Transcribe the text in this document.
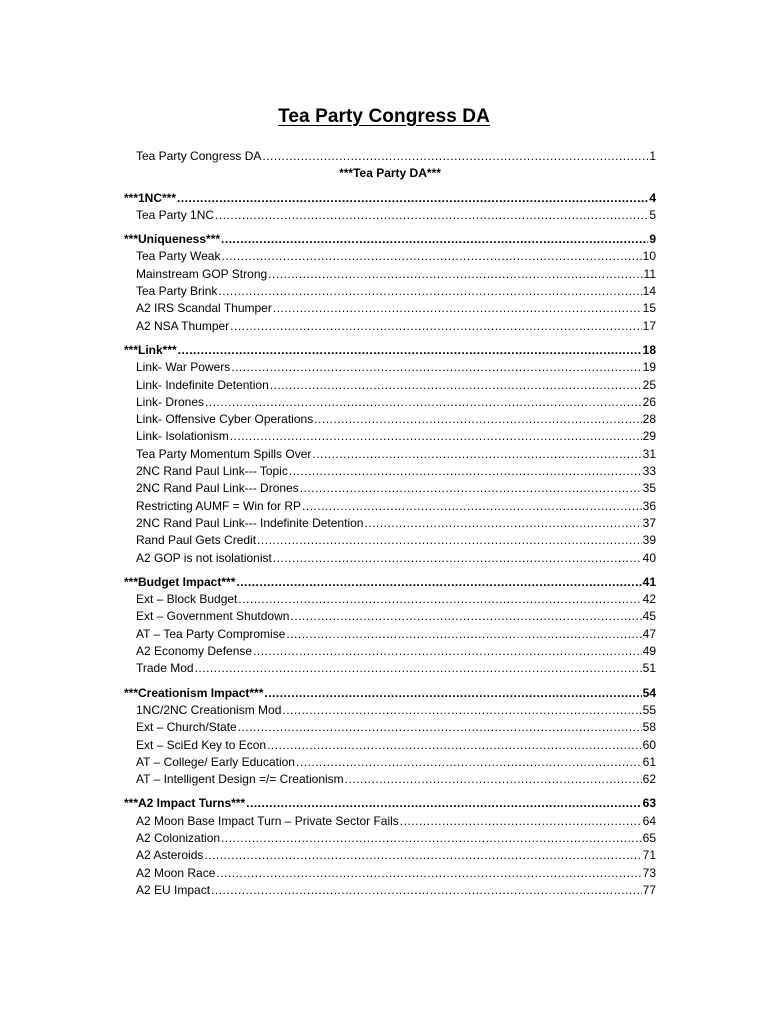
Tea Party Congress DA
Tea Party Congress DA .....	1
***Tea Party DA***
***1NC*** .....	4
Tea Party 1NC .....	5
***Uniqueness*** .....	9
Tea Party Weak .....	10
Mainstream GOP Strong .....	11
Tea Party Brink .....	14
A2 IRS Scandal Thumper .....	15
A2 NSA Thumper .....	17
***Link*** .....	18
Link- War Powers .....	19
Link- Indefinite Detention .....	25
Link- Drones .....	26
Link- Offensive Cyber Operations .....	28
Link- Isolationism .....	29
Tea Party Momentum Spills Over .....	31
2NC Rand Paul Link--- Topic .....	33
2NC Rand Paul Link--- Drones .....	35
Restricting AUMF = Win for RP .....	36
2NC Rand Paul Link--- Indefinite Detention .....	37
Rand Paul Gets Credit .....	39
A2 GOP is not isolationist .....	40
***Budget Impact*** .....	41
Ext – Block Budget .....	42
Ext – Government Shutdown .....	45
AT – Tea Party Compromise .....	47
A2 Economy Defense .....	49
Trade Mod .....	51
***Creationism Impact*** .....	54
1NC/2NC Creationism Mod .....	55
Ext – Church/State .....	58
Ext – SciEd Key to Econ .....	60
AT – College/ Early Education .....	61
AT – Intelligent Design =/= Creationism .....	62
***A2 Impact Turns*** .....	63
A2 Moon Base Impact Turn – Private Sector Fails .....	64
A2 Colonization .....	65
A2 Asteroids .....	71
A2 Moon Race .....	73
A2 EU Impact .....	77
